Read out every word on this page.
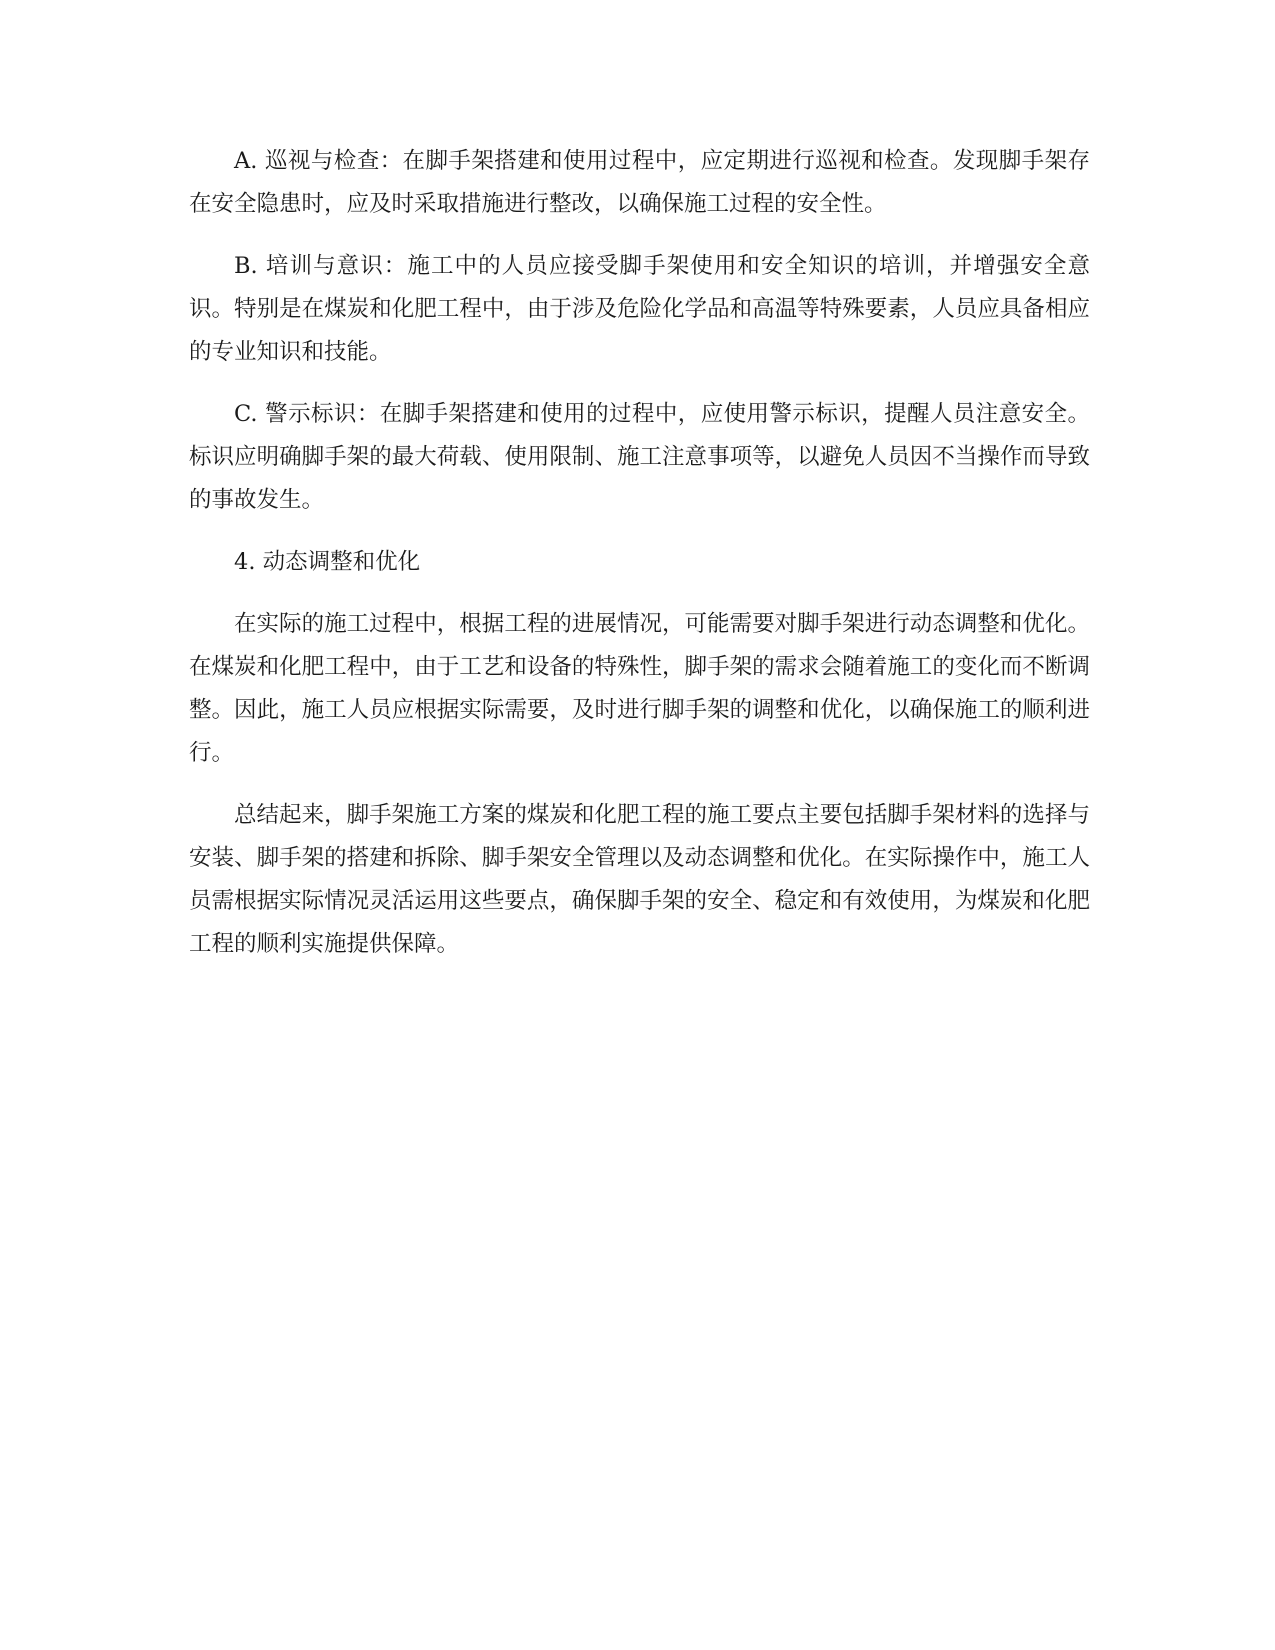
A. 巡视与检查：在脚手架搭建和使用过程中，应定期进行巡视和检查。发现脚手架存在安全隐患时，应及时采取措施进行整改，以确保施工过程的安全性。

B. 培训与意识：施工中的人员应接受脚手架使用和安全知识的培训，并增强安全意识。特别是在煤炭和化肥工程中，由于涉及危险化学品和高温等特殊要素，人员应具备相应的专业知识和技能。

C. 警示标识：在脚手架搭建和使用的过程中，应使用警示标识，提醒人员注意安全。标识应明确脚手架的最大荷载、使用限制、施工注意事项等，以避免人员因不当操作而导致的事故发生。

4. 动态调整和优化

在实际的施工过程中，根据工程的进展情况，可能需要对脚手架进行动态调整和优化。在煤炭和化肥工程中，由于工艺和设备的特殊性，脚手架的需求会随着施工的变化而不断调整。因此，施工人员应根据实际需要，及时进行脚手架的调整和优化，以确保施工的顺利进行。

总结起来，脚手架施工方案的煤炭和化肥工程的施工要点主要包括脚手架材料的选择与安装、脚手架的搭建和拆除、脚手架安全管理以及动态调整和优化。在实际操作中，施工人员需根据实际情况灵活运用这些要点，确保脚手架的安全、稳定和有效使用，为煤炭和化肥工程的顺利实施提供保障。
